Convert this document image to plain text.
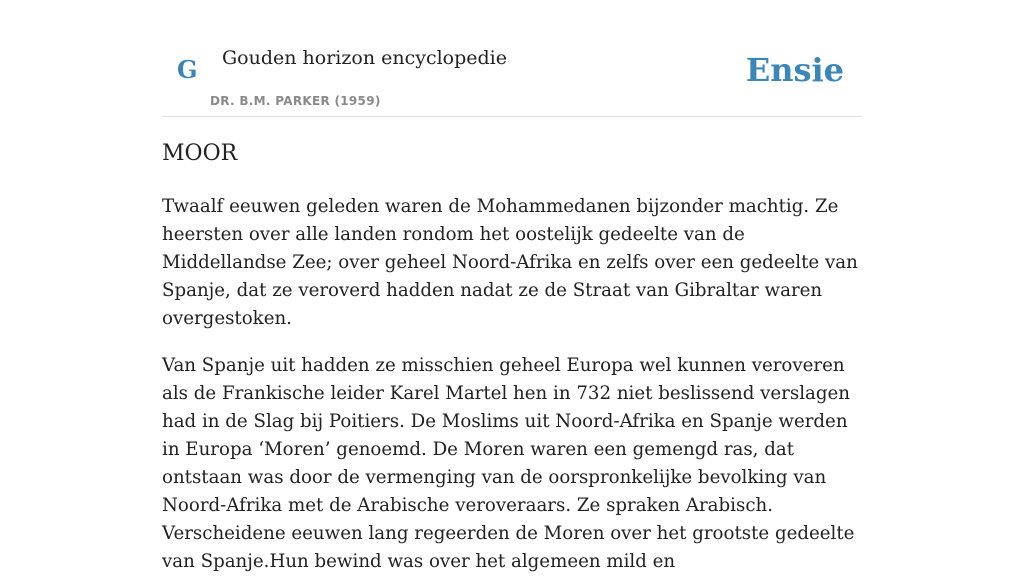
G Gouden horizon encyclopedie
DR. B.M. PARKER (1959)
Ensie
MOOR

Twaalf eeuwen geleden waren de Mohammedanen bijzonder machtig. Ze heersten over alle landen rondom het oostelijk gedeelte van de Middellandse Zee; over geheel Noord-Afrika en zelfs over een gedeelte van Spanje, dat ze veroverd hadden nadat ze de Straat van Gibraltar waren overgestoken.

Van Spanje uit hadden ze misschien geheel Europa wel kunnen veroveren als de Frankische leider Karel Martel hen in 732 niet beslissend verslagen had in de Slag bij Poitiers. De Moslims uit Noord-Afrika en Spanje werden in Europa ‘Moren’ genoemd. De Moren waren een gemengd ras, dat ontstaan was door de vermenging van de oorspronkelijke bevolking van Noord-Afrika met de Arabische veroveraars. Ze spraken Arabisch. Verscheidene eeuwen lang regeerden de Moren over het grootste gedeelte van Spanje.Hun bewind was over het algemeen mild en
